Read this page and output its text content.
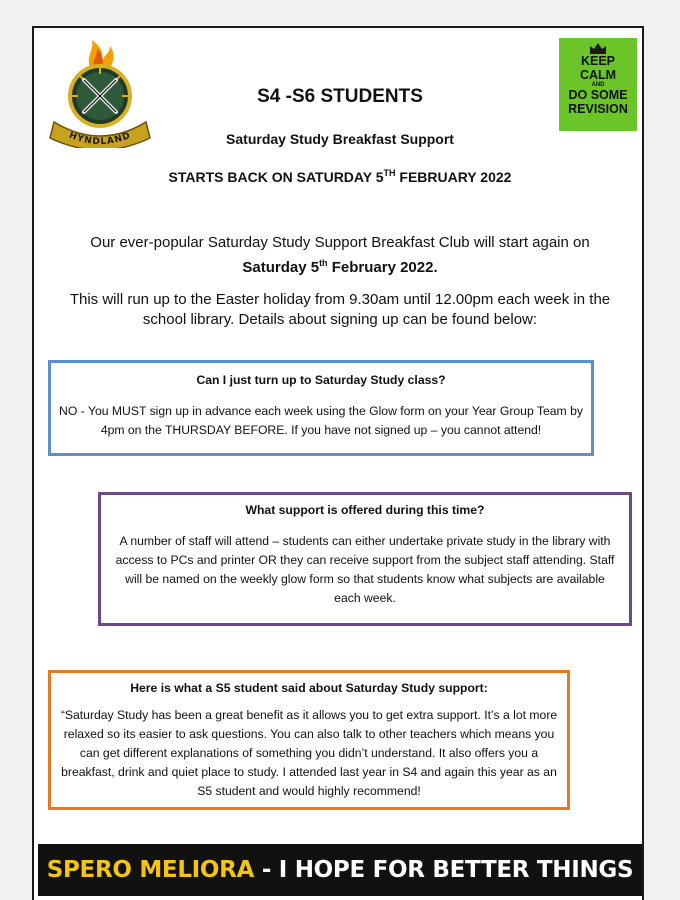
HYNDLAND
KEEP
CALM
AND
DO SOME
REVISION
S4 -S6 STUDENTS
Saturday Study Breakfast Support
STARTS BACK ON SATURDAY 5TH FEBRUARY 2022

Our ever-popular Saturday Study Support Breakfast Club will start again on
Saturday 5th February 2022.

This will run up to the Easter holiday from 9.30am until 12.00pm each week in the school library. Details about signing up can be found below:

Can I just turn up to Saturday Study class?

NO - You MUST sign up in advance each week using the Glow form on your Year Group Team by 4pm on the THURSDAY BEFORE. If you have not signed up – you cannot attend!

What support is offered during this time?

A number of staff will attend – students can either undertake private study in the library with access to PCs and printer OR they can receive support from the subject staff attending. Staff will be named on the weekly glow form so that students know what subjects are available each week.

Here is what a S5 student said about Saturday Study support:

“Saturday Study has been a great benefit as it allows you to get extra support. It’s a lot more relaxed so its easier to ask questions. You can also talk to other teachers which means you can get different explanations of something you didn’t understand. It also offers you a breakfast, drink and quiet place to study. I attended last year in S4 and again this year as an S5 student and would highly recommend!

SPERO MELIORA - I HOPE FOR BETTER THINGS
